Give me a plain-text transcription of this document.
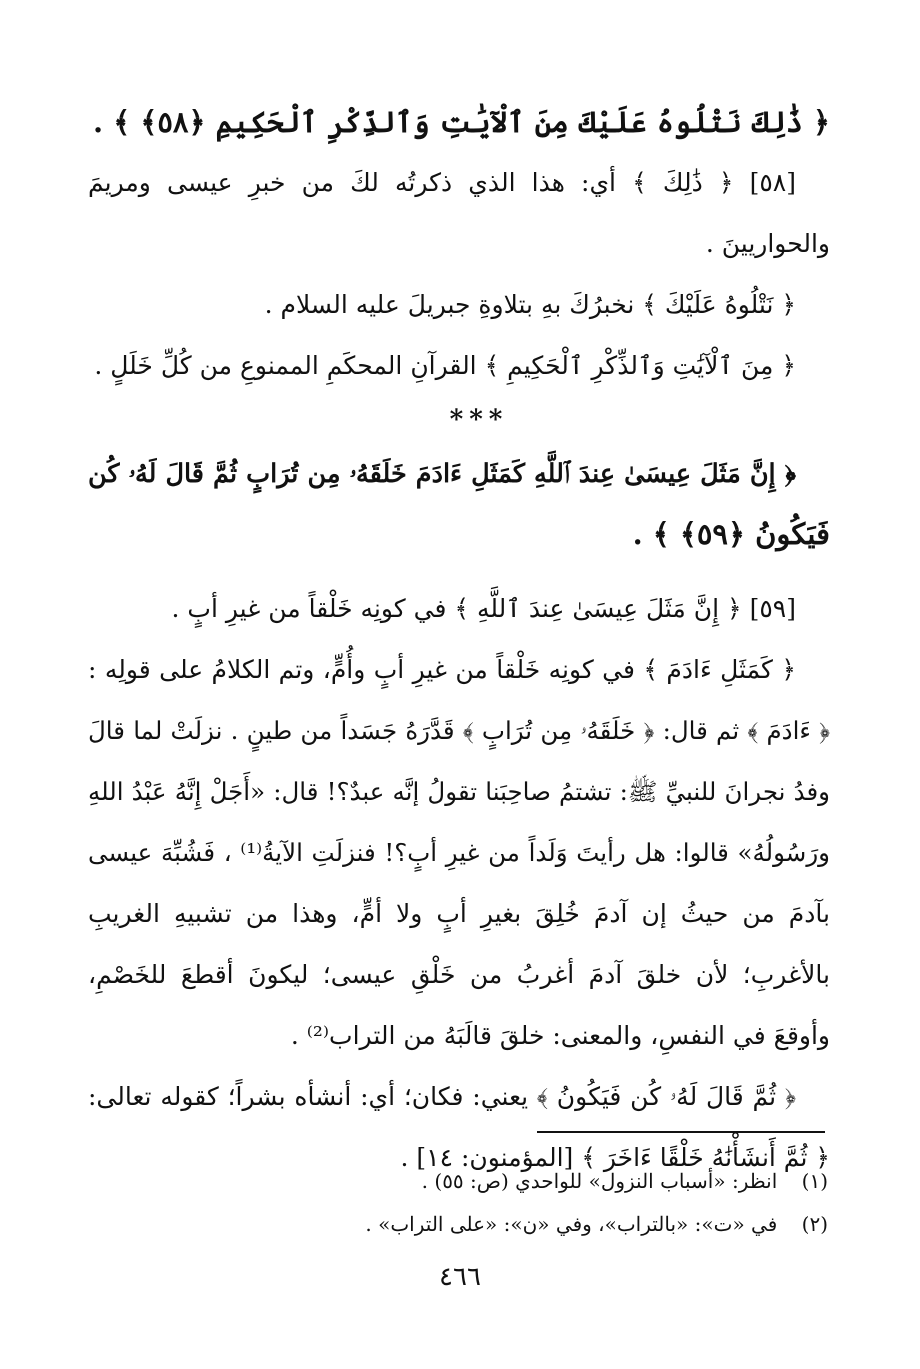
﴿ ذَٰلِكَ نَتْلُوهُ عَلَيْكَ مِنَ ٱلْآيَٰتِ وَٱلذِّكْرِ ٱلْحَكِيمِ ﴿٥٨﴾ ﴾ .
[٥٨] ﴿ ذَٰلِكَ ﴾ أي: هذا الذي ذكرتُه لكَ من خبرِ عيسى ومريمَ
والحواريينَ .
﴿ نَتْلُوهُ عَلَيْكَ ﴾ نخبرُكَ بهِ بتلاوةِ جبريلَ عليه السلام .
﴿ مِنَ ٱلْآيَٰتِ وَٱلذِّكْرِ ٱلْحَكِيمِ ﴾ القرآنِ المحكَمِ الممنوعِ من كُلِّ خَلَلٍ .
***
﴿ إِنَّ مَثَلَ عِيسَىٰ عِندَ ٱللَّهِ كَمَثَلِ ءَادَمَ خَلَقَهُۥ مِن تُرَابٍ ثُمَّ قَالَ لَهُۥ كُن
فَيَكُونُ ﴿٥٩﴾ ﴾ .
[٥٩] ﴿ إِنَّ مَثَلَ عِيسَىٰ عِندَ ٱللَّهِ ﴾ في كونِه خَلْقاً من غيرِ أبٍ .
﴿ كَمَثَلِ ءَادَمَ ﴾ في كونِه خَلْقاً من غيرِ أبٍ وأُمٍّ، وتم الكلامُ على قولِه :
﴿ ءَادَمَ ﴾ ثم قال: ﴿ خَلَقَهُۥ مِن تُرَابٍ ﴾ قَدَّرَهُ جَسَداً من طينٍ . نزلَتْ لما قالَ
وفدُ نجرانَ للنبيِّ ﷺ: تشتمُ صاحِبَنا تقولُ إنَّه عبدٌ؟! قال: «أَجَلْ إِنَّهُ عَبْدُ اللهِ
ورَسُولُهُ» قالوا: هل رأيتَ وَلَداً من غيرِ أبٍ؟! فنزلَتِ الآيةُ⁽¹⁾ ، فَشُبِّهَ عيسى
بآدمَ من حيثُ إن آدمَ خُلِقَ بغيرِ أبٍ ولا أمٍّ، وهذا من تشبيهِ الغريبِ
بالأغربِ؛ لأن خلقَ آدمَ أغربُ من خَلْقِ عيسى؛ ليكونَ أقطعَ للخَصْمِ،
وأوقعَ في النفسِ، والمعنى: خلقَ قالَبَهُ من التراب⁽²⁾ .
﴿ ثُمَّ قَالَ لَهُۥ كُن فَيَكُونُ ﴾ يعني: فكان؛ أي: أنشأه بشراً؛ كقوله تعالى:
﴿ ثُمَّ أَنشَأْنَٰهُ خَلْقًا ءَاخَرَ ﴾ [المؤمنون: ١٤] .
(١) انظر: «أسباب النزول» للواحدي (ص: ٥٥) .
(٢) في «ت»: «بالتراب»، وفي «ن»: «على التراب» .
٤٦٦
